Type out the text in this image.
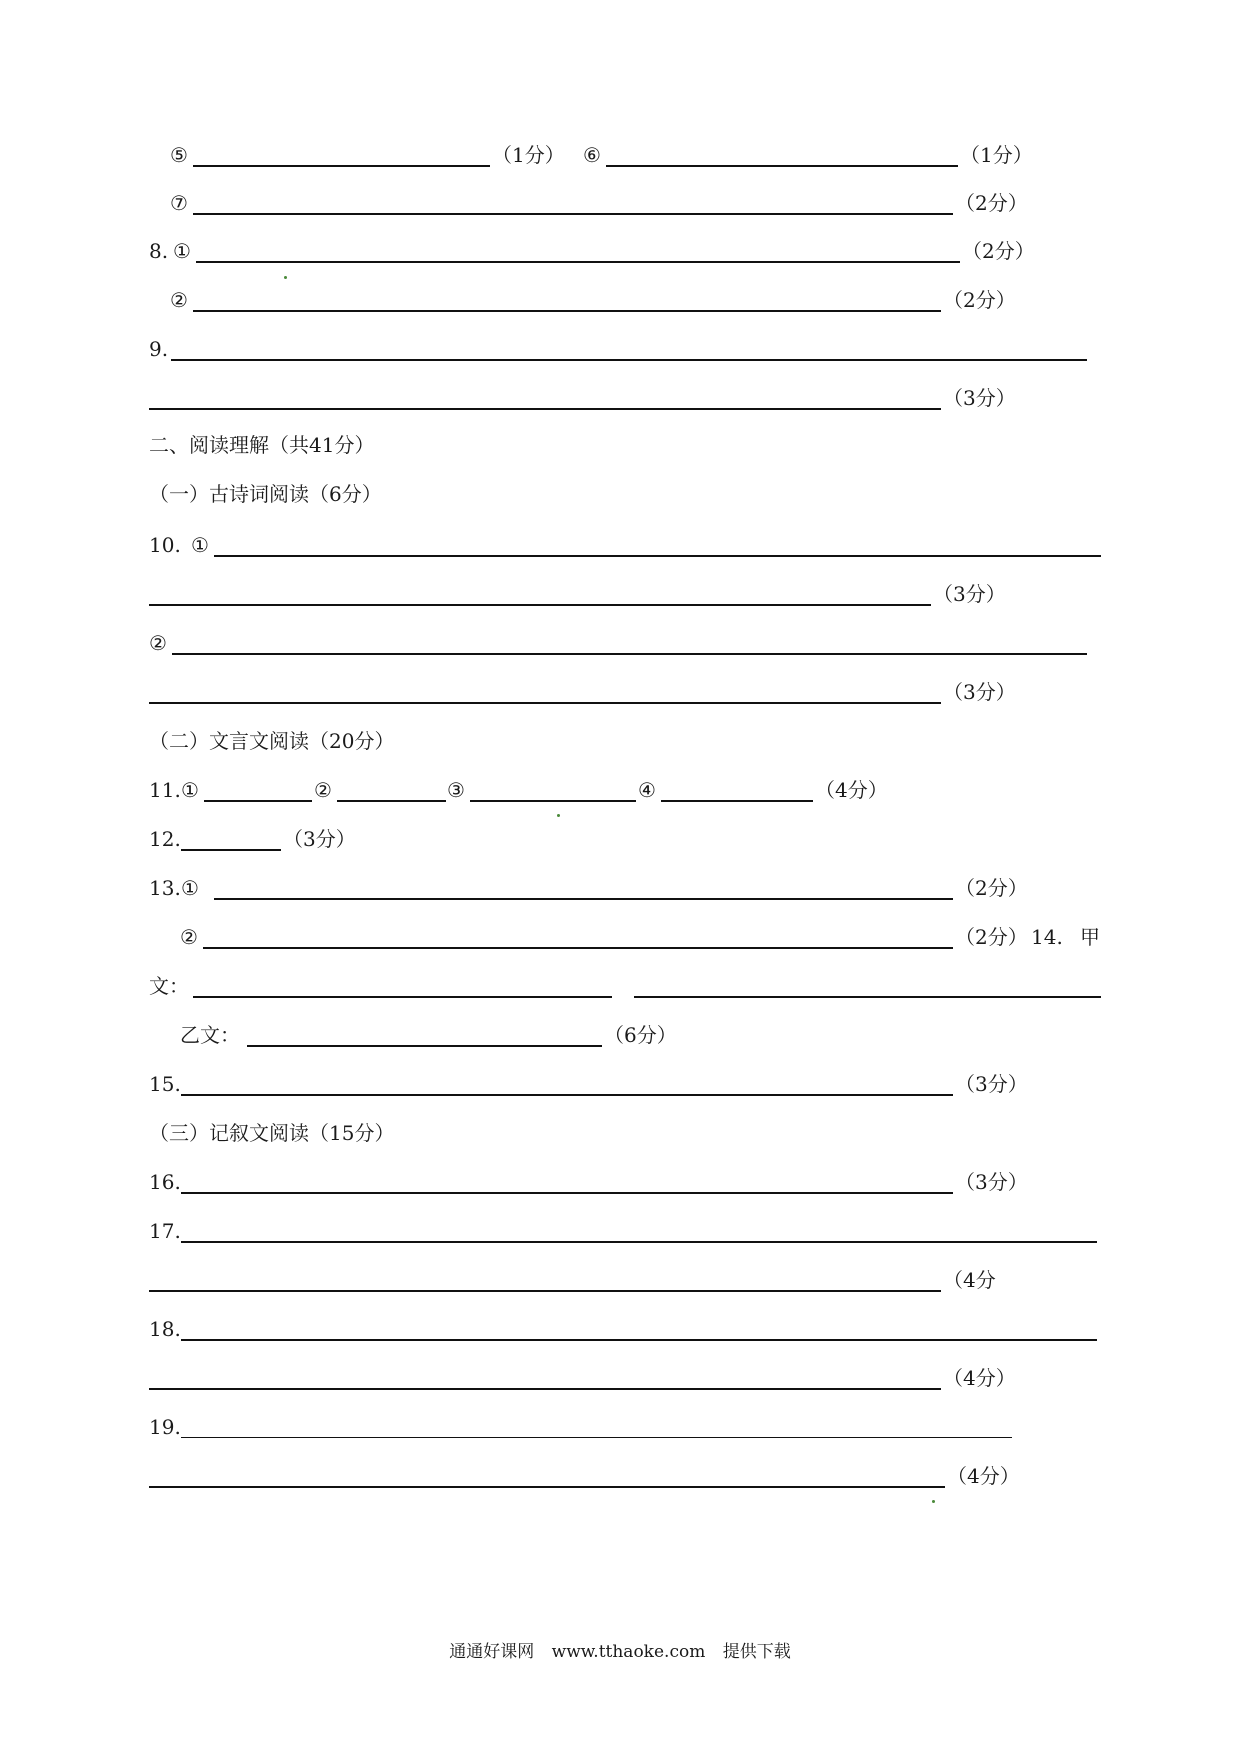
⑤	（1分） ⑥	（1分）
⑦	（2分）
8. ①	（2分）
②	（2分）
9.
（3分）
二、阅读理解（共41分）
（一）古诗词阅读（6分）
10. ①
（3分）
②
（3分）
（二）文言文阅读（20分）
11. ①	②	③	④	（4分）
12.	（3分）
13. ①	（2分）
②	（2分） 14. 甲
文：
乙文：	（6分）
15.	（3分）
（三）记叙文阅读（15分）
16.	（3分）
17.
（4分
18.
（4分）
19.
（4分）
通通好课网 www.tthaoke.com 提供下载
